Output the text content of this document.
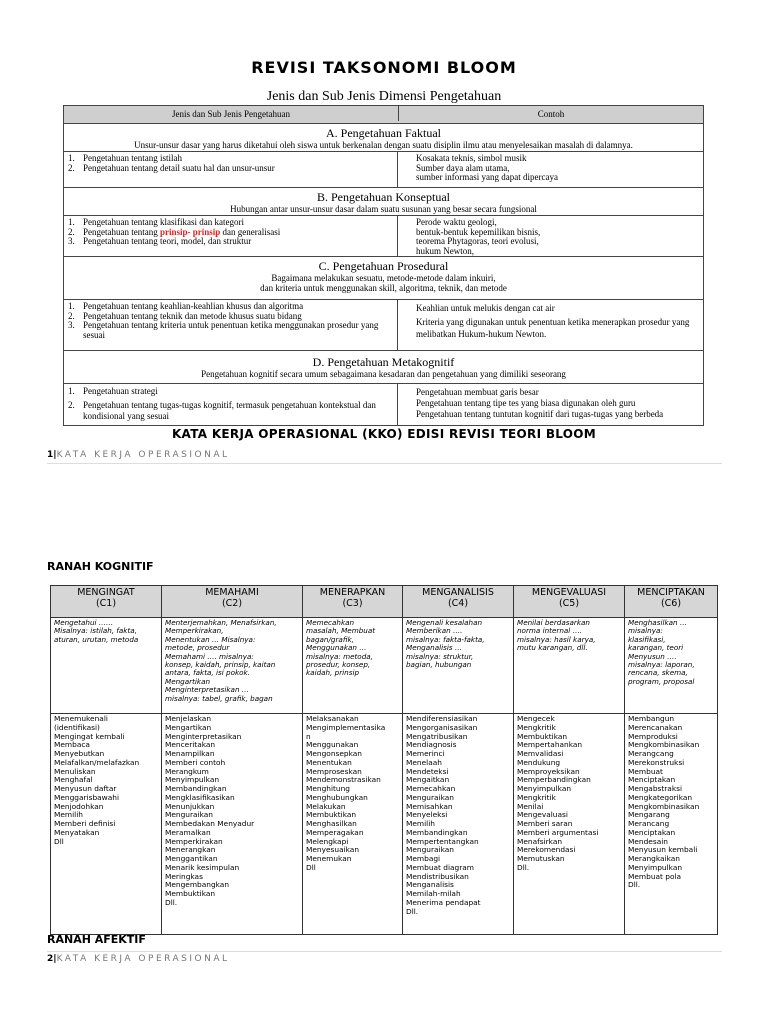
REVISI TAKSONOMI BLOOM
Jenis dan Sub Jenis Dimensi Pengetahuan
Jenis dan Sub Jenis Pengetahuan	Contoh
A. Pengetahuan Faktual
Unsur-unsur dasar yang harus diketahui oleh siswa untuk berkenalan dengan suatu disiplin ilmu atau menyelesaikan masalah di dalamnya.
1. Pengetahuan tentang istilah
2. Pengetahuan tentang detail suatu hal dan unsur-unsur
Kosakata teknis, simbol musik
Sumber daya alam utama,
sumber informasi yang dapat dipercaya
B. Pengetahuan Konseptual
Hubungan antar unsur-unsur dasar dalam suatu susunan yang besar secara fungsional
1. Pengetahuan tentang klasifikasi dan kategori
2. Pengetahuan tentang prinsip- prinsip dan generalisasi
3. Pengetahuan tentang teori, model, dan struktur
Perode waktu geologi,
bentuk-bentuk kepemilikan bisnis,
teorema Phytagoras, teori evolusi,
hukum Newton,
C. Pengetahuan Prosedural
Bagaimana melakukan sesuatu, metode-metode dalam inkuiri,
dan kriteria untuk menggunakan skill, algoritma, teknik, dan metode
1. Pengetahuan tentang keahlian-keahlian khusus dan algoritma
2. Pengetahuan tentang teknik dan metode khusus suatu bidang
3. Pengetahuan tentang kriteria untuk penentuan ketika menggunakan prosedur yang sesuai
Keahlian untuk melukis dengan cat air
Kriteria yang digunakan untuk penentuan ketika menerapkan prosedur yang melibatkan Hukum-hukum Newton.
D. Pengetahuan Metakognitif
Pengetahuan kognitif secara umum sebagaimana kesadaran dan pengetahuan yang dimiliki seseorang
1. Pengetahuan strategi
2. Pengetahuan tentang tugas-tugas kognitif, termasuk pengetahuan kontekstual dan kondisional yang sesuai
Pengetahuan membuat garis besar
Pengetahuan tentang tipe tes yang biasa digunakan oleh guru
Pengetahuan tentang tuntutan kognitif dari tugas-tugas yang berbeda
KATA KERJA OPERASIONAL (KKO) EDISI REVISI TEORI BLOOM
1|KATA KERJA OPERASIONAL
RANAH KOGNITIF
MENGINGAT
(C1)
Mengetahui ……
Misalnya: istilah, fakta,
aturan, urutan, metoda
Menemukenali
(identifikasi)
Mengingat kembali
Membaca
Menyebutkan
Melafalkan/melafazkan
Menuliskan
Menghafal
Menyusun daftar
Menggarisbawahi
Menjodohkan
Memilih
Memberi definisi
Menyatakan
Dll
MEMAHAMI
(C2)
Menterjemahkan, Menafsirkan,
Memperkirakan,
Menentukan … Misalnya:
metode, prosedur
Memahami …. misalnya:
konsep, kaidah, prinsip, kaitan
antara, fakta, isi pokok.
Mengartikan
Menginterpretasikan …
misalnya: tabel, grafik, bagan
Menjelaskan
Mengartikan
Menginterpretasikan
Menceritakan
Menampilkan
Memberi contoh
Merangkum
Menyimpulkan
Membandingkan
Mengklasifikasikan
Menunjukkan
Menguraikan
Membedakan Menyadur
Meramalkan
Memperkirakan
Menerangkan
Menggantikan
Menarik kesimpulan
Meringkas
Mengembangkan
Membuktikan
Dll.
MENERAPKAN
(C3)
Memecahkan
masalah, Membuat
bagan/grafik,
Menggunakan …
misalnya: metoda,
prosedur, konsep,
kaidah, prinsip
Melaksanakan
Mengimplementasika
n
Menggunakan
Mengonsepkan
Menentukan
Memproseskan
Mendemonstrasikan
Menghitung
Menghubungkan
Melakukan
Membuktikan
Menghasilkan
Memperagakan
Melengkapi
Menyesuaikan
Menemukan
Dll
MENGANALISIS
(C4)
Mengenali kesalahan
Memberikan ….
misalnya: fakta-fakta,
Menganalisis …
misalnya: struktur,
bagian, hubungan
Mendiferensiasikan
Mengorganisasikan
Mengatribusikan
Mendiagnosis
Memerinci
Menelaah
Mendeteksi
Mengaitkan
Memecahkan
Menguraikan
Memisahkan
Menyeleksi
Memilih
Membandingkan
Mempertentangkan
Menguraikan
Membagi
Membuat diagram
Mendistribusikan
Menganalisis
Memilah-milah
Menerima pendapat
Dll.
MENGEVALUASI
(C5)
Menilai berdasarkan
norma internal ….
misalnya: hasil karya,
mutu karangan, dll.
Mengecek
Mengkritik
Membuktikan
Mempertahankan
Memvalidasi
Mendukung
Memproyeksikan
Memperbandingkan
Menyimpulkan
Mengkritik
Menilai
Mengevaluasi
Memberi saran
Memberi argumentasi
Menafsirkan
Merekomendasi
Memutuskan
Dll.
MENCIPTAKAN
(C6)
Menghasilkan …
misalnya:
klasifikasi,
karangan, teori
Menyusun ….
misalnya: laporan,
rencana, skema,
program, proposal
Membangun
Merencanakan
Memproduksi
Mengkombinasikan
Merangcang
Merekonstruksi
Membuat
Menciptakan
Mengabstraksi
Mengkategorikan
Mengkombinasikan
Mengarang
Merancang
Menciptakan
Mendesain
Menyusun kembali
Merangkaikan
Menyimpulkan
Membuat pola
Dll.
RANAH AFEKTIF
2|KATA KERJA OPERASIONAL
